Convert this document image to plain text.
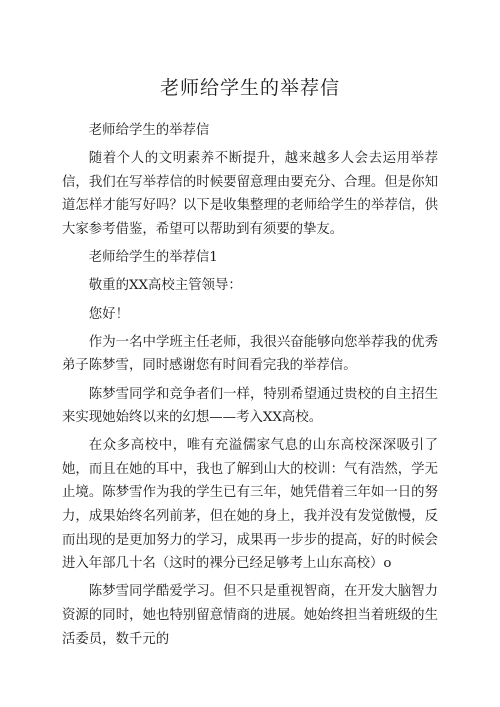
老师给学生的举荐信

老师给学生的举荐信

随着个人的文明素养不断提升，越来越多人会去运用举荐信，我们在写举荐信的时候要留意理由要充分、合理。但是你知道怎样才能写好吗？以下是收集整理的老师给学生的举荐信，供大家参考借鉴，希望可以帮助到有须要的挚友。

老师给学生的举荐信1

敬重的XX高校主管领导：

您好！

作为一名中学班主任老师，我很兴奋能够向您举荐我的优秀弟子陈梦雪，同时感谢您有时间看完我的举荐信。

陈梦雪同学和竞争者们一样，特别希望通过贵校的自主招生来实现她始终以来的幻想——考入XX高校。

在众多高校中，唯有充溢儒家气息的山东高校深深吸引了她，而且在她的耳中，我也了解到山大的校训：气有浩然，学无止境。陈梦雪作为我的学生已有三年，她凭借着三年如一日的努力，成果始终名列前茅，但在她的身上，我并没有发觉傲慢，反而出现的是更加努力的学习，成果再一步步的提高，好的时候会进入年部几十名（这时的裸分已经足够考上山东高校）o

陈梦雪同学酷爱学习。但不只是重视智商，在开发大脑智力资源的同时，她也特别留意情商的进展。她始终担当着班级的生活委员，数千元的
